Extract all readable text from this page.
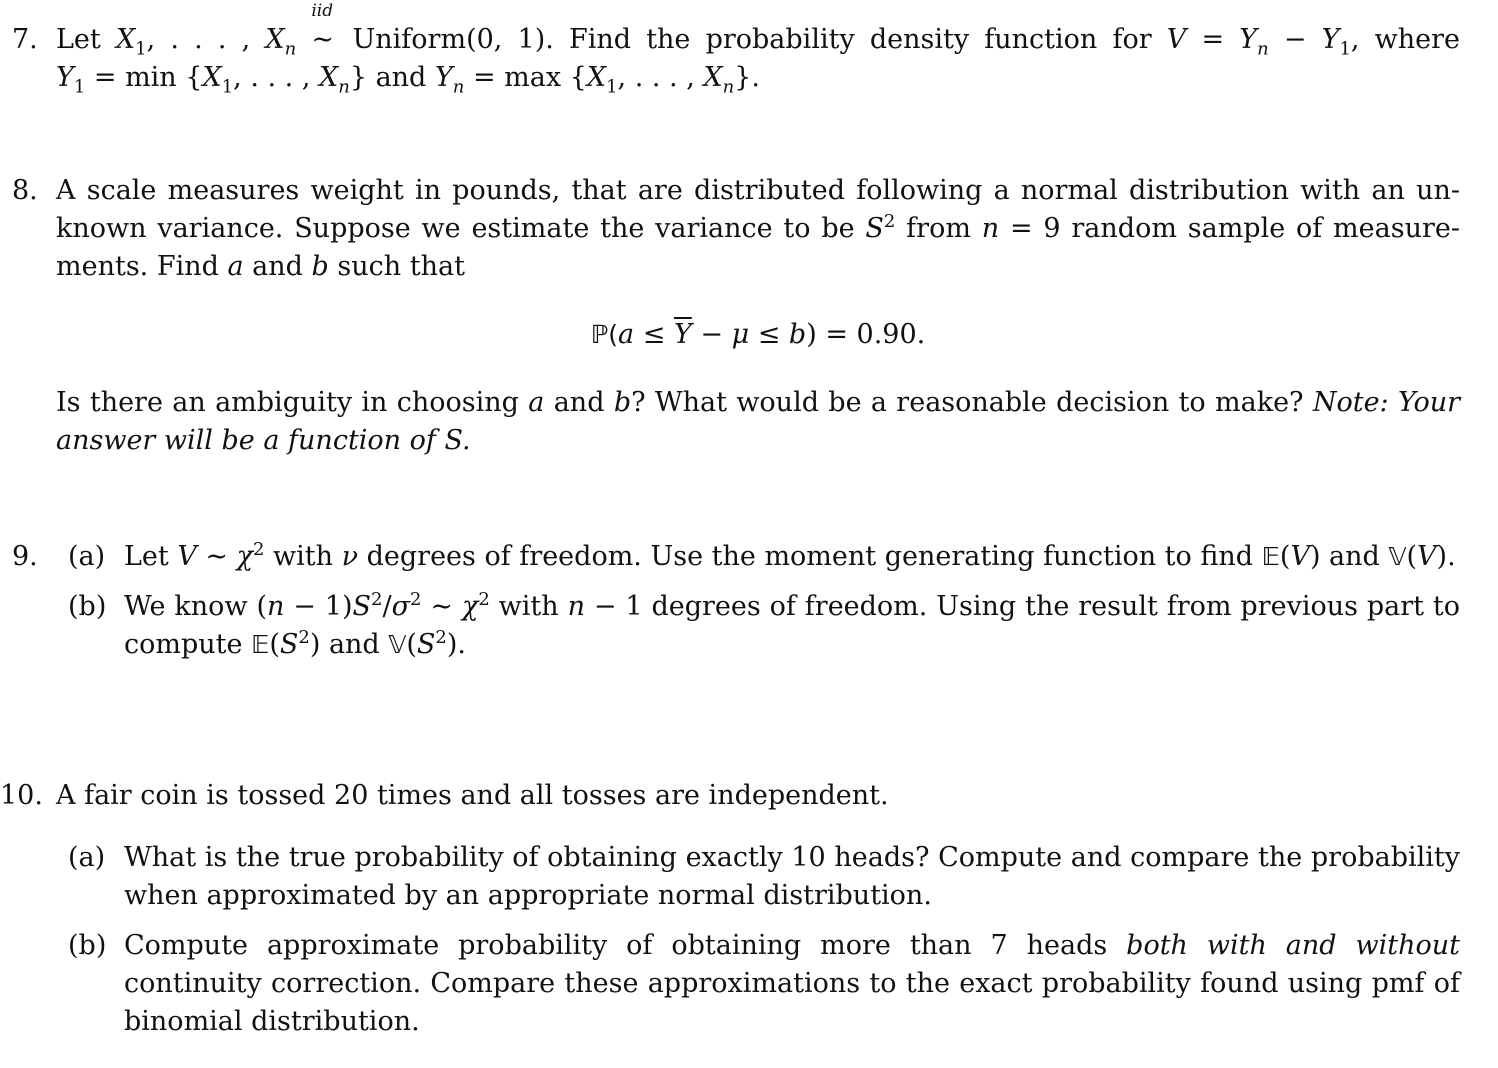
7. Let $X_1$, . . . , $X_n$
iid
∼ Uniform(0, 1). Find the probability density function for $V = Y_n - Y_1$, where
$Y_1 = \min \{X_1$, . . . , $X_n$} and $Y_n = \max \{X_1$, . . . , $X_n$}.
8. A scale measures weight in pounds, that are distributed following a normal distribution with an un-known variance. Suppose we estimate the variance to be $S^2$ from n = 9 random sample of measure-ments. Find a and b such that
ℙ(a ≤ $\overline{Y} - \mu \le b) = 0.90$.
Is there an ambiguity in choosing a and b? What would be a reasonable decision to make? Note: Your answer will be a function of S.
9.	(a) Let V ∼ $\chi^2$ with ν degrees of freedom. Use the moment generating function to find 𝔼(V) and 𝕍(V).
(b) We know $(n - 1)S^2/\sigma^2$ ∼ $\chi^2$ with n − 1 degrees of freedom. Using the result from previous part to compute $𝔼(S^2)$ and $𝕍(S^2)$.
10. A fair coin is tossed 20 times and all tosses are independent.
(a) What is the true probability of obtaining exactly 10 heads? Compute and compare the probability when approximated by an appropriate normal distribution.
(b) Compute approximate probability of obtaining more than 7 heads both with and without continuity correction. Compare these approximations to the exact probability found using pmf of binomial distribution.
